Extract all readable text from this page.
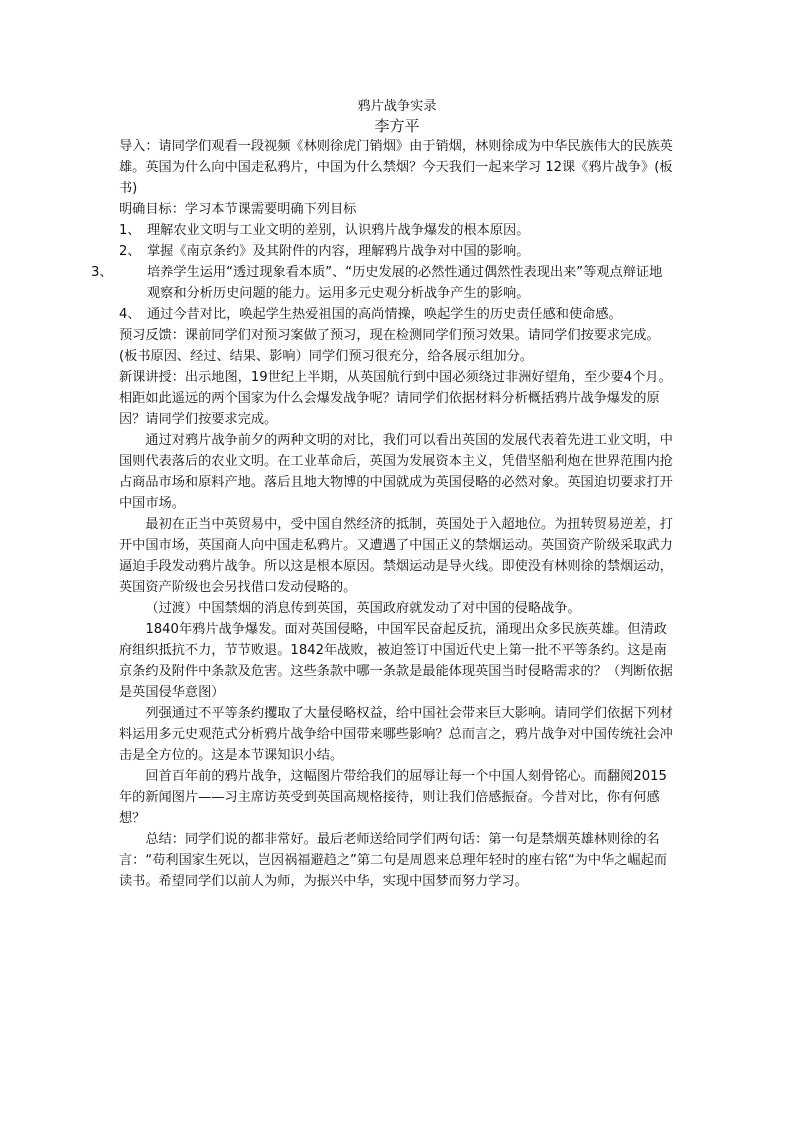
鸦片战争实录

李方平

导入：请同学们观看一段视频《林则徐虎门销烟》由于销烟，林则徐成为中华民族伟大的民族英雄。英国为什么向中国走私鸦片，中国为什么禁烟？今天我们一起来学习 12课《鸦片战争》(板书)

明确目标：学习本节课需要明确下列目标

1、 理解农业文明与工业文明的差别，认识鸦片战争爆发的根本原因。

2、 掌握《南京条约》及其附件的内容，理解鸦片战争对中国的影响。

3、	培养学生运用“透过现象看本质”、“历史发展的必然性通过偶然性表现出来”等观点辩证地观察和分析历史问题的能力。运用多元史观分析战争产生的影响。

4、 通过今昔对比，唤起学生热爱祖国的高尚情操，唤起学生的历史责任感和使命感。

预习反馈：课前同学们对预习案做了预习，现在检测同学们预习效果。请同学们按要求完成。(板书原因、经过、结果、影响）同学们预习很充分，给各展示组加分。

新课讲授：出示地图，19世纪上半期，从英国航行到中国必须绕过非洲好望角，至少要4个月。相距如此遥远的两个国家为什么会爆发战争呢？请同学们依据材料分析概括鸦片战争爆发的原因？请同学们按要求完成。

通过对鸦片战争前夕的两种文明的对比，我们可以看出英国的发展代表着先进工业文明，中国则代表落后的农业文明。在工业革命后，英国为发展资本主义，凭借坚船利炮在世界范围内抢占商品市场和原料产地。落后且地大物博的中国就成为英国侵略的必然对象。英国迫切要求打开中国市场。

最初在正当中英贸易中，受中国自然经济的抵制，英国处于入超地位。为扭转贸易逆差，打开中国市场，英国商人向中国走私鸦片。又遭遇了中国正义的禁烟运动。英国资产阶级采取武力逼迫手段发动鸦片战争。所以这是根本原因。禁烟运动是导火线。即使没有林则徐的禁烟运动，英国资产阶级也会另找借口发动侵略的。

（过渡）中国禁烟的消息传到英国，英国政府就发动了对中国的侵略战争。

1840年鸦片战争爆发。面对英国侵略，中国军民奋起反抗，涌现出众多民族英雄。但清政府组织抵抗不力，节节败退。1842年战败，被迫签订中国近代史上第一批不平等条约。这是南京条约及附件中条款及危害。这些条款中哪一条款是最能体现英国当时侵略需求的？（判断依据是英国侵华意图）

列强通过不平等条约攫取了大量侵略权益，给中国社会带来巨大影响。请同学们依据下列材料运用多元史观范式分析鸦片战争给中国带来哪些影响？总而言之，鸦片战争对中国传统社会冲击是全方位的。这是本节课知识小结。

回首百年前的鸦片战争，这幅图片带给我们的屈辱让每一个中国人刻骨铭心。而翻阅2015年的新闻图片——习主席访英受到英国高规格接待，则让我们倍感振奋。今昔对比，你有何感想？

总结：同学们说的都非常好。最后老师送给同学们两句话：第一句是禁烟英雄林则徐的名言：“苟利国家生死以，岂因祸福避趋之”第二句是周恩来总理年轻时的座右铭“为中华之崛起而读书。希望同学们以前人为师，为振兴中华，实现中国梦而努力学习。
